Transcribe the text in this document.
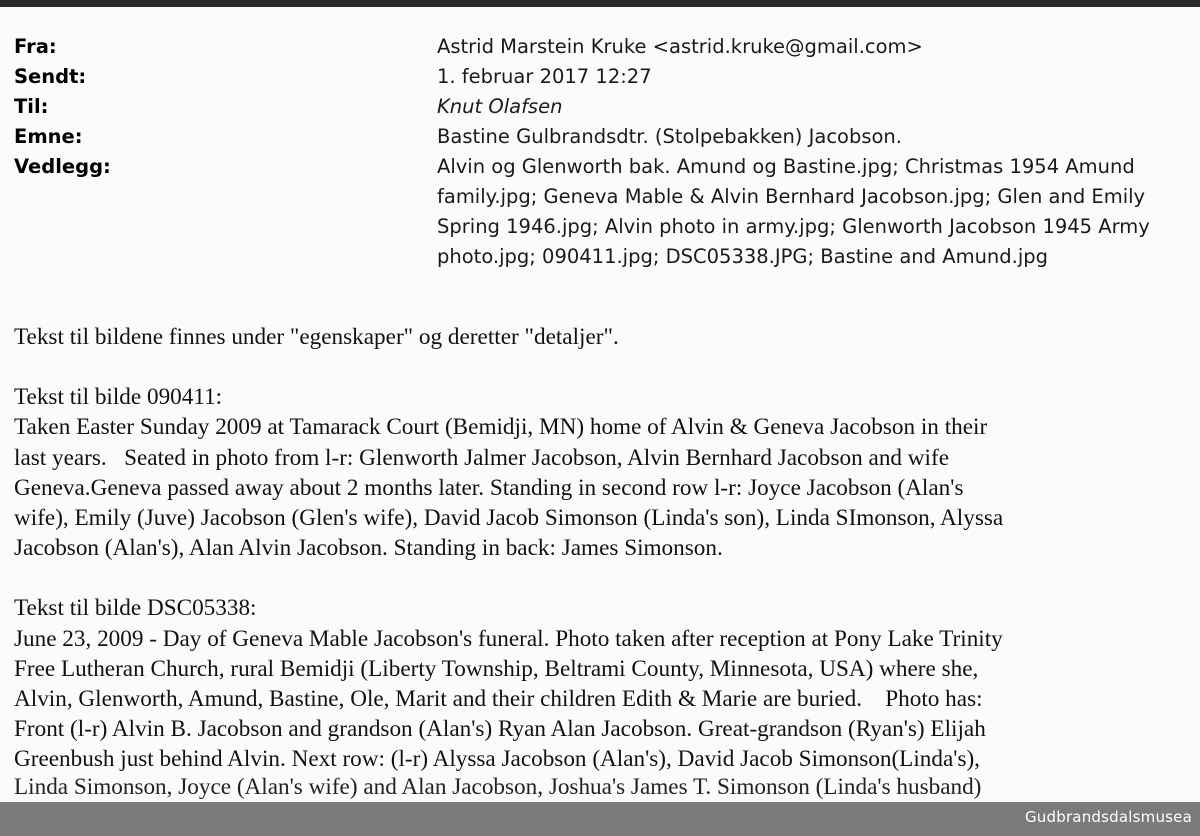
Fra:	Astrid Marstein Kruke <astrid.kruke@gmail.com>
Sendt:	1. februar 2017 12:27
Til:	Knut Olafsen
Emne:	Bastine Gulbrandsdtr. (Stolpebakken) Jacobson.
Vedlegg:	Alvin og Glenworth bak. Amund og Bastine.jpg; Christmas 1954 Amund
family.jpg; Geneva Mable & Alvin Bernhard Jacobson.jpg; Glen and Emily
Spring 1946.jpg; Alvin photo in army.jpg; Glenworth Jacobson 1945 Army
photo.jpg; 090411.jpg; DSC05338.JPG; Bastine and Amund.jpg

Tekst til bildene finnes under "egenskaper" og deretter "detaljer".

Tekst til bilde 090411:

Taken Easter Sunday 2009 at Tamarack Court (Bemidji, MN) home of Alvin & Geneva Jacobson in their

last years.   Seated in photo from l-r: Glenworth Jalmer Jacobson, Alvin Bernhard Jacobson and wife

Geneva.Geneva passed away about 2 months later. Standing in second row l-r: Joyce Jacobson (Alan's

wife), Emily (Juve) Jacobson (Glen's wife), David Jacob Simonson (Linda's son), Linda SImonson, Alyssa

Jacobson (Alan's), Alan Alvin Jacobson. Standing in back: James Simonson.

Tekst til bilde DSC05338:

June 23, 2009 - Day of Geneva Mable Jacobson's funeral. Photo taken after reception at Pony Lake Trinity

Free Lutheran Church, rural Bemidji (Liberty Township, Beltrami County, Minnesota, USA) where she,

Alvin, Glenworth, Amund, Bastine, Ole, Marit and their children Edith & Marie are buried.    Photo has:

Front (l-r) Alvin B. Jacobson and grandson (Alan's) Ryan Alan Jacobson. Great-grandson (Ryan's) Elijah

Greenbush just behind Alvin. Next row: (l-r) Alyssa Jacobson (Alan's), David Jacob Simonson(Linda's),

Linda Simonson, Joyce (Alan's wife) and Alan Jacobson, Joshua's James T. Simonson (Linda's husband)
Gudbrandsdalsmusea
